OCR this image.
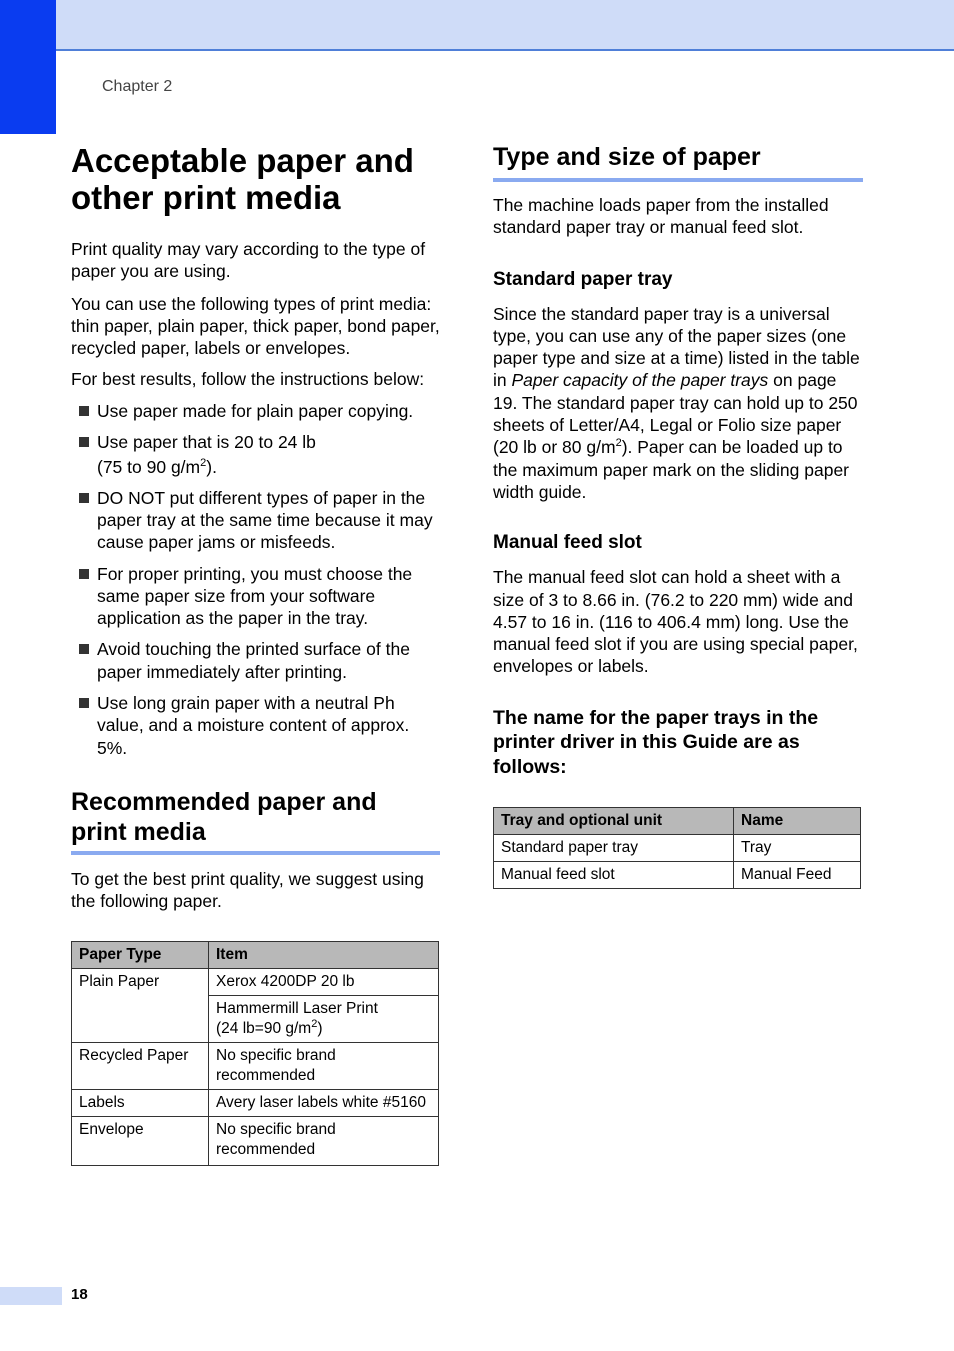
Chapter 2
Acceptable paper and
other print media

Print quality may vary according to the type of paper you are using.

You can use the following types of print media: thin paper, plain paper, thick paper, bond paper, recycled paper, labels or envelopes.

For best results, follow the instructions below:

Use paper made for plain paper copying.
Use paper that is 20 to 24 lb
(75 to 90 $g/m^2$).
DO NOT put different types of paper in the paper tray at the same time because it may cause paper jams or misfeeds.
For proper printing, you must choose the same paper size from your software application as the paper in the tray.
Avoid touching the printed surface of the paper immediately after printing.
Use long grain paper with a neutral Ph value, and a moisture content of approx. 5%.
Recommended paper and
print media

To get the best print quality, we suggest using the following paper.

Paper Type	Item
Plain Paper	Xerox 4200DP 20 lb
	Hammermill Laser Print
(24 lb=90 $g/m^2$)
Recycled Paper	No specific brand recommended
Labels	Avery laser labels white #5160
Envelope	No specific brand recommended
Type and size of paper

The machine loads paper from the installed standard paper tray or manual feed slot.

Standard paper tray

Since the standard paper tray is a universal type, you can use any of the paper sizes (one paper type and size at a time) listed in the table in Paper capacity of the paper trays on page 19. The standard paper tray can hold up to 250 sheets of Letter/A4, Legal or Folio size paper (20 lb or 80 $g/m^2$). Paper can be loaded up to the maximum paper mark on the sliding paper width guide.

Manual feed slot

The manual feed slot can hold a sheet with a size of 3 to 8.66 in. (76.2 to 220 mm) wide and 4.57 to 16 in. (116 to 406.4 mm) long. Use the manual feed slot if you are using special paper, envelopes or labels.

The name for the paper trays in the printer driver in this Guide are as follows:
Tray and optional unit	Name
Standard paper tray	Tray
Manual feed slot	Manual Feed
18
